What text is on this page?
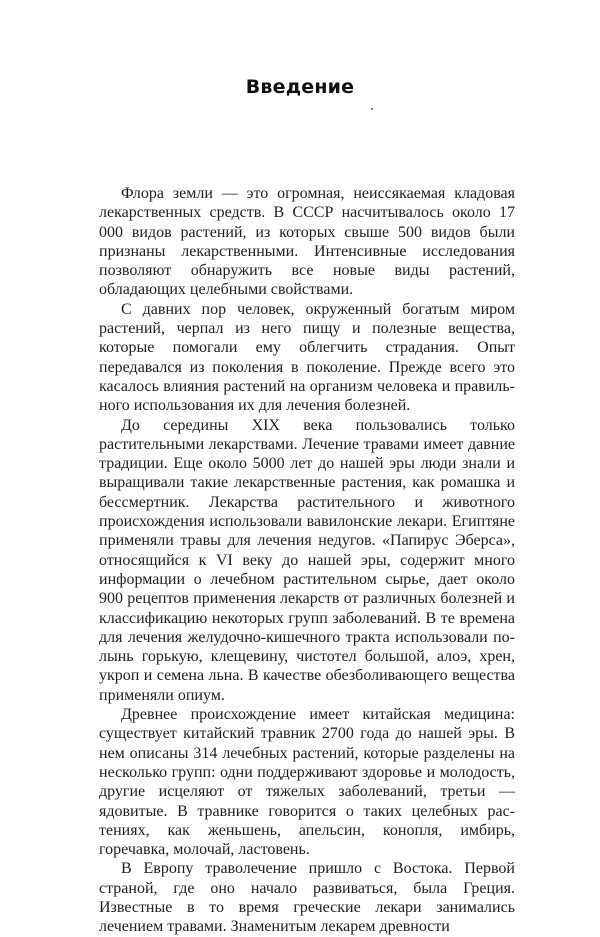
Введение

Флора земли — это огромная, неиссякаемая кладовая лекарственных средств. В СССР насчитывалось около 17 000 видов растений, из которых свыше 500 видов были признаны лекарственными. Интенсивные исследования позволяют обнаружить все новые виды растений, обладающих целебными свойствами.

С давних пор человек, окруженный богатым миром растений, черпал из него пищу и полезные вещества, которые помогали ему облегчить страдания. Опыт передавался из поколения в поколение. Прежде всего это касалось влияния растений на организм человека и правильного использования их для лечения болезней.

До середины XIX века пользовались только растительными лекарствами. Лечение травами имеет давние традиции. Еще около 5000 лет до нашей эры люди знали и выращивали такие лекарственные растения, как ромашка и бессмертник. Лекарства растительного и животного происхождения использовали вавилонские лекари. Египтяне применяли травы для лечения недугов. «Папирус Эберса», относящийся к VI веку до нашей эры, содержит много информации о лечебном растительном сырье, дает около 900 рецептов применения лекарств от различных болезней и классификацию некоторых групп заболеваний. В те времена для лечения желудочно-кишечного тракта использовали полынь горькую, клещевину, чистотел большой, алоэ, хрен, укроп и семена льна. В качестве обезболивающего вещества применяли опиум.

Древнее происхождение имеет китайская медицина: существует китайский травник 2700 года до нашей эры. В нем описаны 314 лечебных растений, которые разделены на несколько групп: одни поддерживают здоровье и молодость, другие исцеляют от тяжелых заболеваний, третьи — ядовитые. В травнике говорится о таких целебных растениях, как женьшень, апельсин, конопля, имбирь, горечавка, молочай, ластовень.

В Европу траволечение пришло с Востока. Первой страной, где оно начало развиваться, была Греция. Известные в то время греческие лекари занимались лечением травами. Знаменитым лекарем древности
